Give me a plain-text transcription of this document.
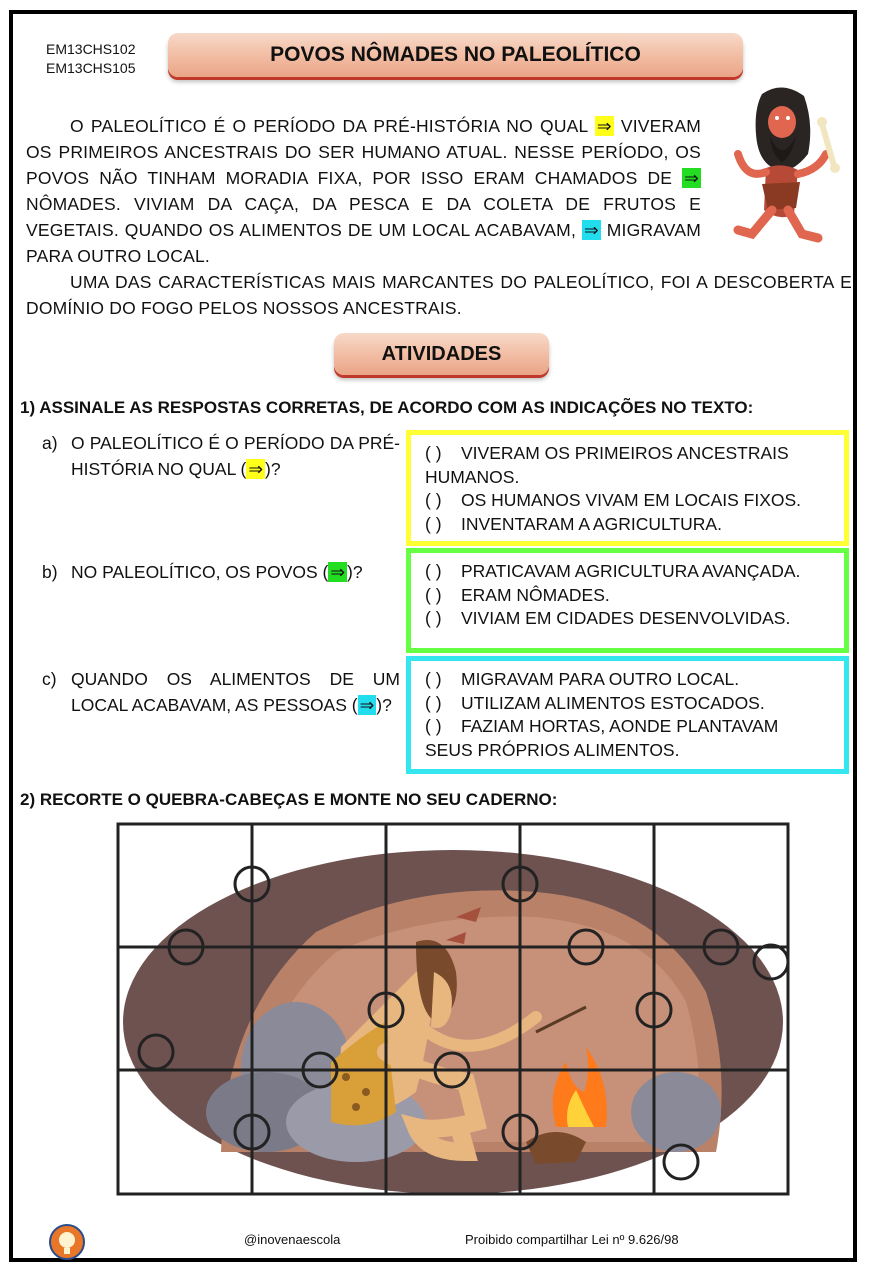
EM13CHS102
EM13CHS105
POVOS NÔMADES NO PALEOLÍTICO

O PALEOLÍTICO É O PERÍODO DA PRÉ-HISTÓRIA NO QUAL ⇒ VIVERAM OS PRIMEIROS ANCESTRAIS DO SER HUMANO ATUAL. NESSE PERÍODO, OS POVOS NÃO TINHAM MORADIA FIXA, POR ISSO ERAM CHAMADOS DE ⇒ NÔMADES. VIVIAM DA CAÇA, DA PESCA E DA COLETA DE FRUTOS E VEGETAIS. QUANDO OS ALIMENTOS DE UM LOCAL ACABAVAM, ⇒ MIGRAVAM PARA OUTRO LOCAL.

UMA DAS CARACTERÍSTICAS MAIS MARCANTES DO PALEOLÍTICO, FOI A DESCOBERTA E DOMÍNIO DO FOGO PELOS NOSSOS ANCESTRAIS.

ATIVIDADES
1) ASSINALE AS RESPOSTAS CORRETAS, DE ACORDO COM AS INDICAÇÕES NO TEXTO:
a) O PALEOLÍTICO É O PERÍODO DA PRÉ-HISTÓRIA NO QUAL ( ⇒ )?

( ) VIVERAM OS PRIMEIROS ANCESTRAIS HUMANOS.

( ) OS HUMANOS VIVAM EM LOCAIS FIXOS.

( ) INVENTARAM A AGRICULTURA.

b) NO PALEOLÍTICO, OS POVOS ( ⇒ )?	( ) PRATICAVAM AGRICULTURA AVANÇADA.

( ) ERAM NÔMADES.

( ) VIVIAM EM CIDADES DESENVOLVIDAS.

c) QUANDO OS ALIMENTOS DE UM LOCAL ACABAVAM, AS PESSOAS ( ⇒ )?

( ) MIGRAVAM PARA OUTRO LOCAL.

( ) UTILIZAM ALIMENTOS ESTOCADOS.

( ) FAZIAM HORTAS, AONDE PLANTAVAM SEUS PRÓPRIOS ALIMENTOS.

2) RECORTE O QUEBRA-CABEÇAS E MONTE NO SEU CADERNO:
@inovenaescola	Proibido compartilhar Lei nº 9.626/98
